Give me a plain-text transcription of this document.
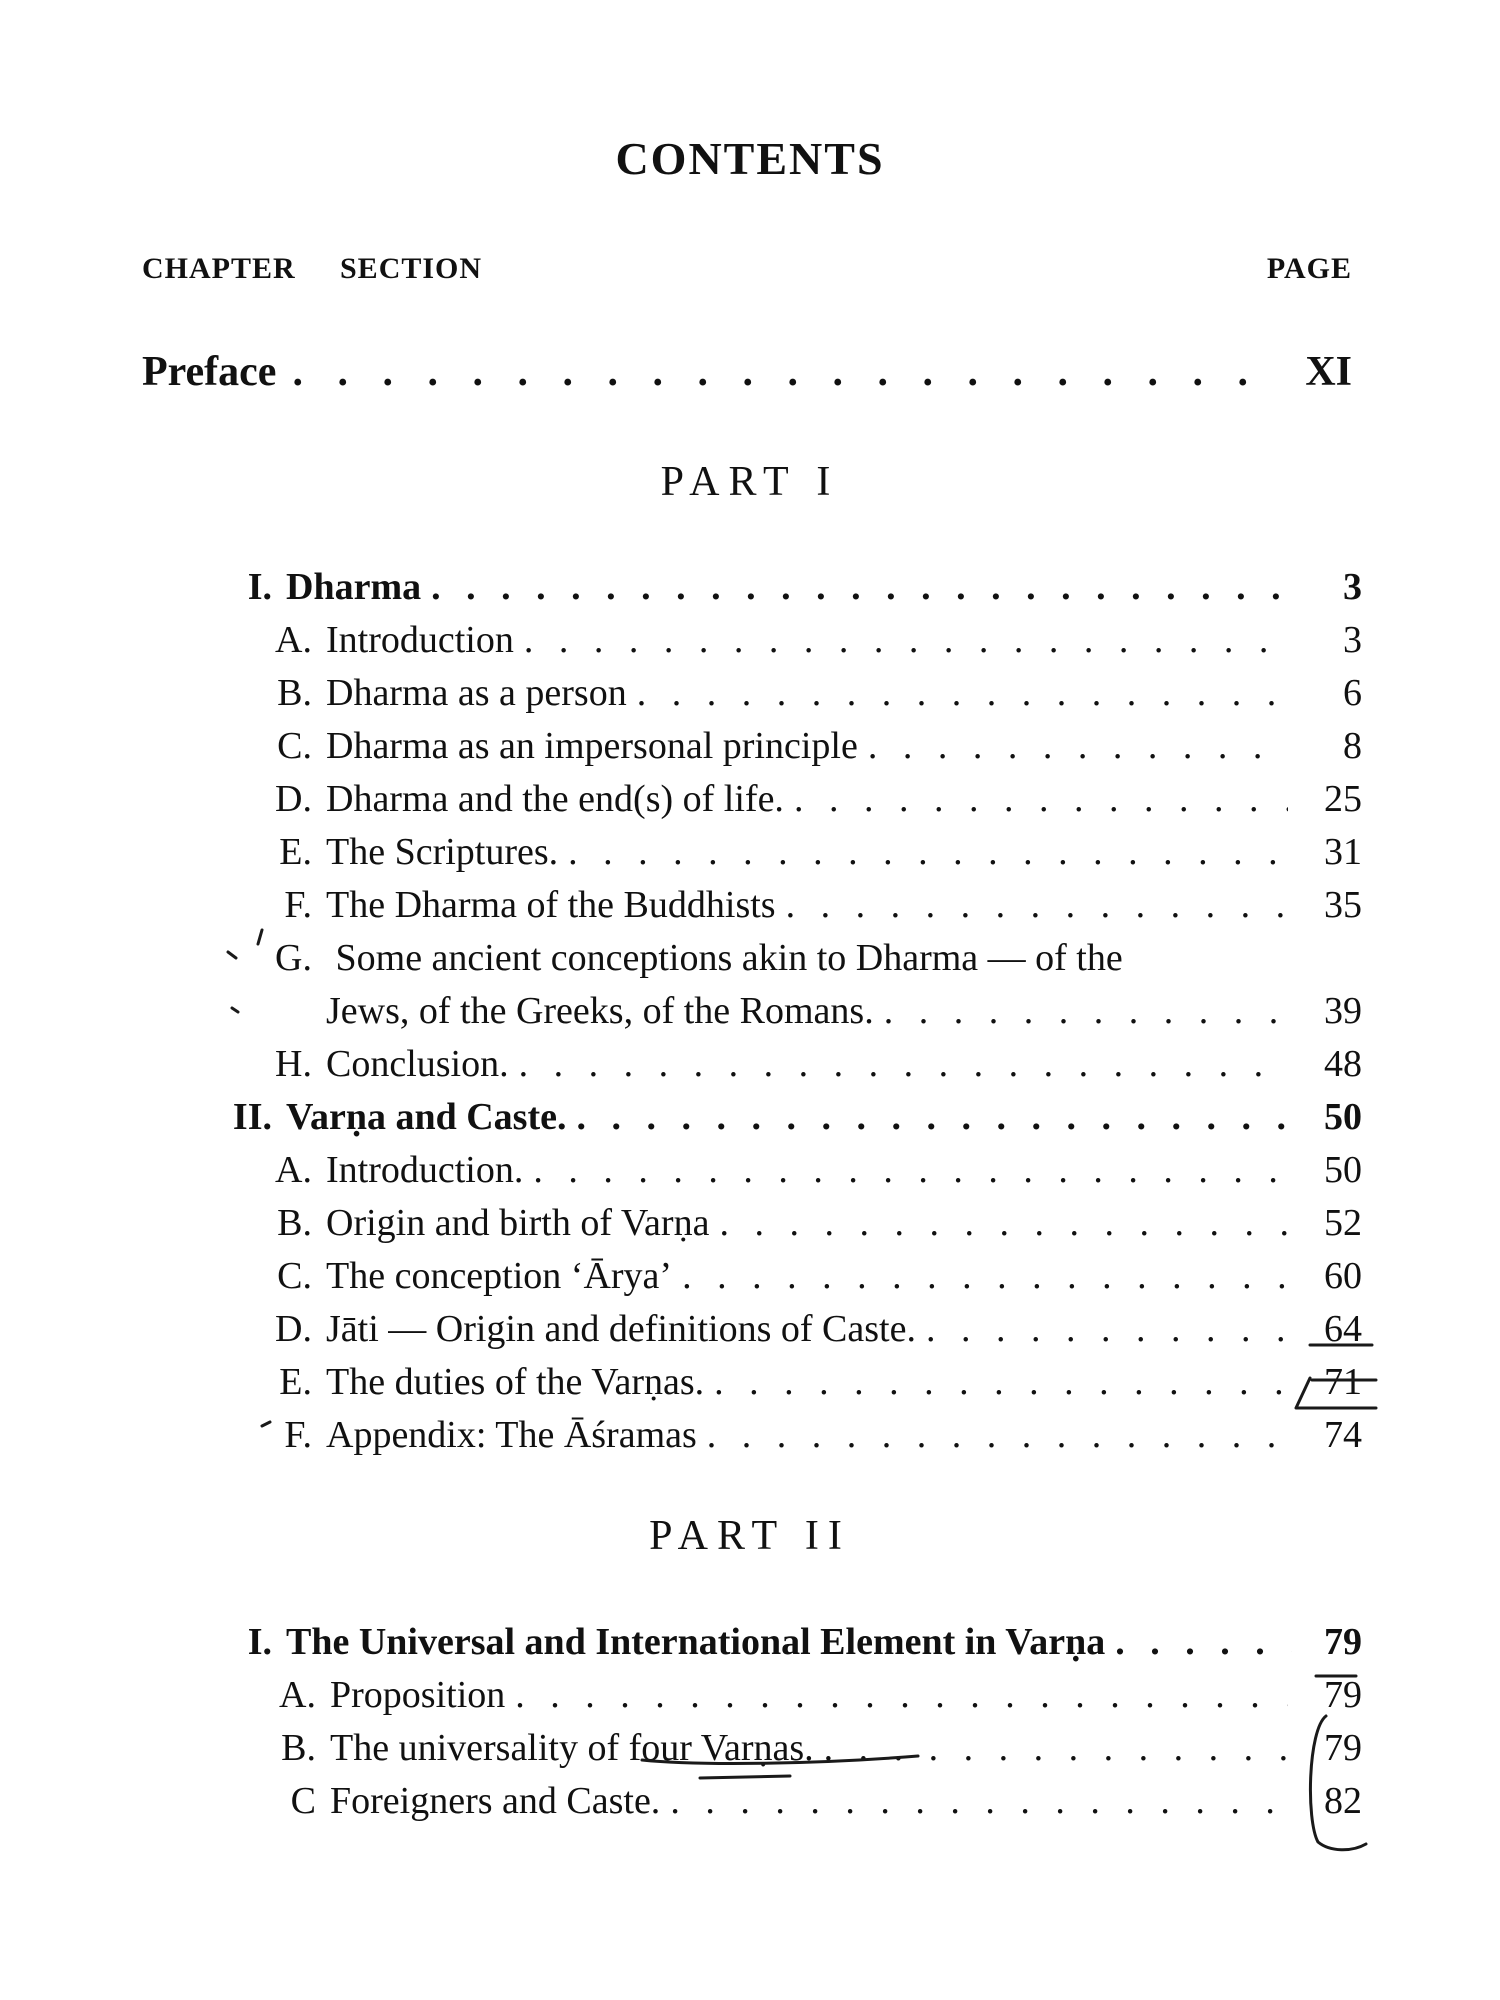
CONTENTS
CHAPTER SECTION	PAGE
Preface . . .	XI
PART I
I. Dharma . . .	3
A. Introduction . . .	3
B. Dharma as a person . . .	6
C. Dharma as an impersonal principle . . .	8
D. Dharma and the end(s) of life. . . .	25
E. The Scriptures. . . .	31
F. The Dharma of the Buddhists . . .	35
G. Some ancient conceptions akin to Dharma — of the
Jews, of the Greeks, of the Romans. . . .	39
H. Conclusion. . . .	48
II. Varṇa and Caste. . . .	50
A. Introduction. . . .	50
B. Origin and birth of Varṇa . . .	52
C. The conception ‘Ārya’ . . .	60
D. Jāti — Origin and definitions of Caste. . . .	64
E. The duties of the Varṇas. . . .	71
F. Appendix: The Āśramas . . .	74
PART II
I. The Universal and International Element in Varṇa . . .	79
A. Proposition . . .	79
B. The universality of four Varṇas. . . .	79
C Foreigners and Caste. . . .	82
